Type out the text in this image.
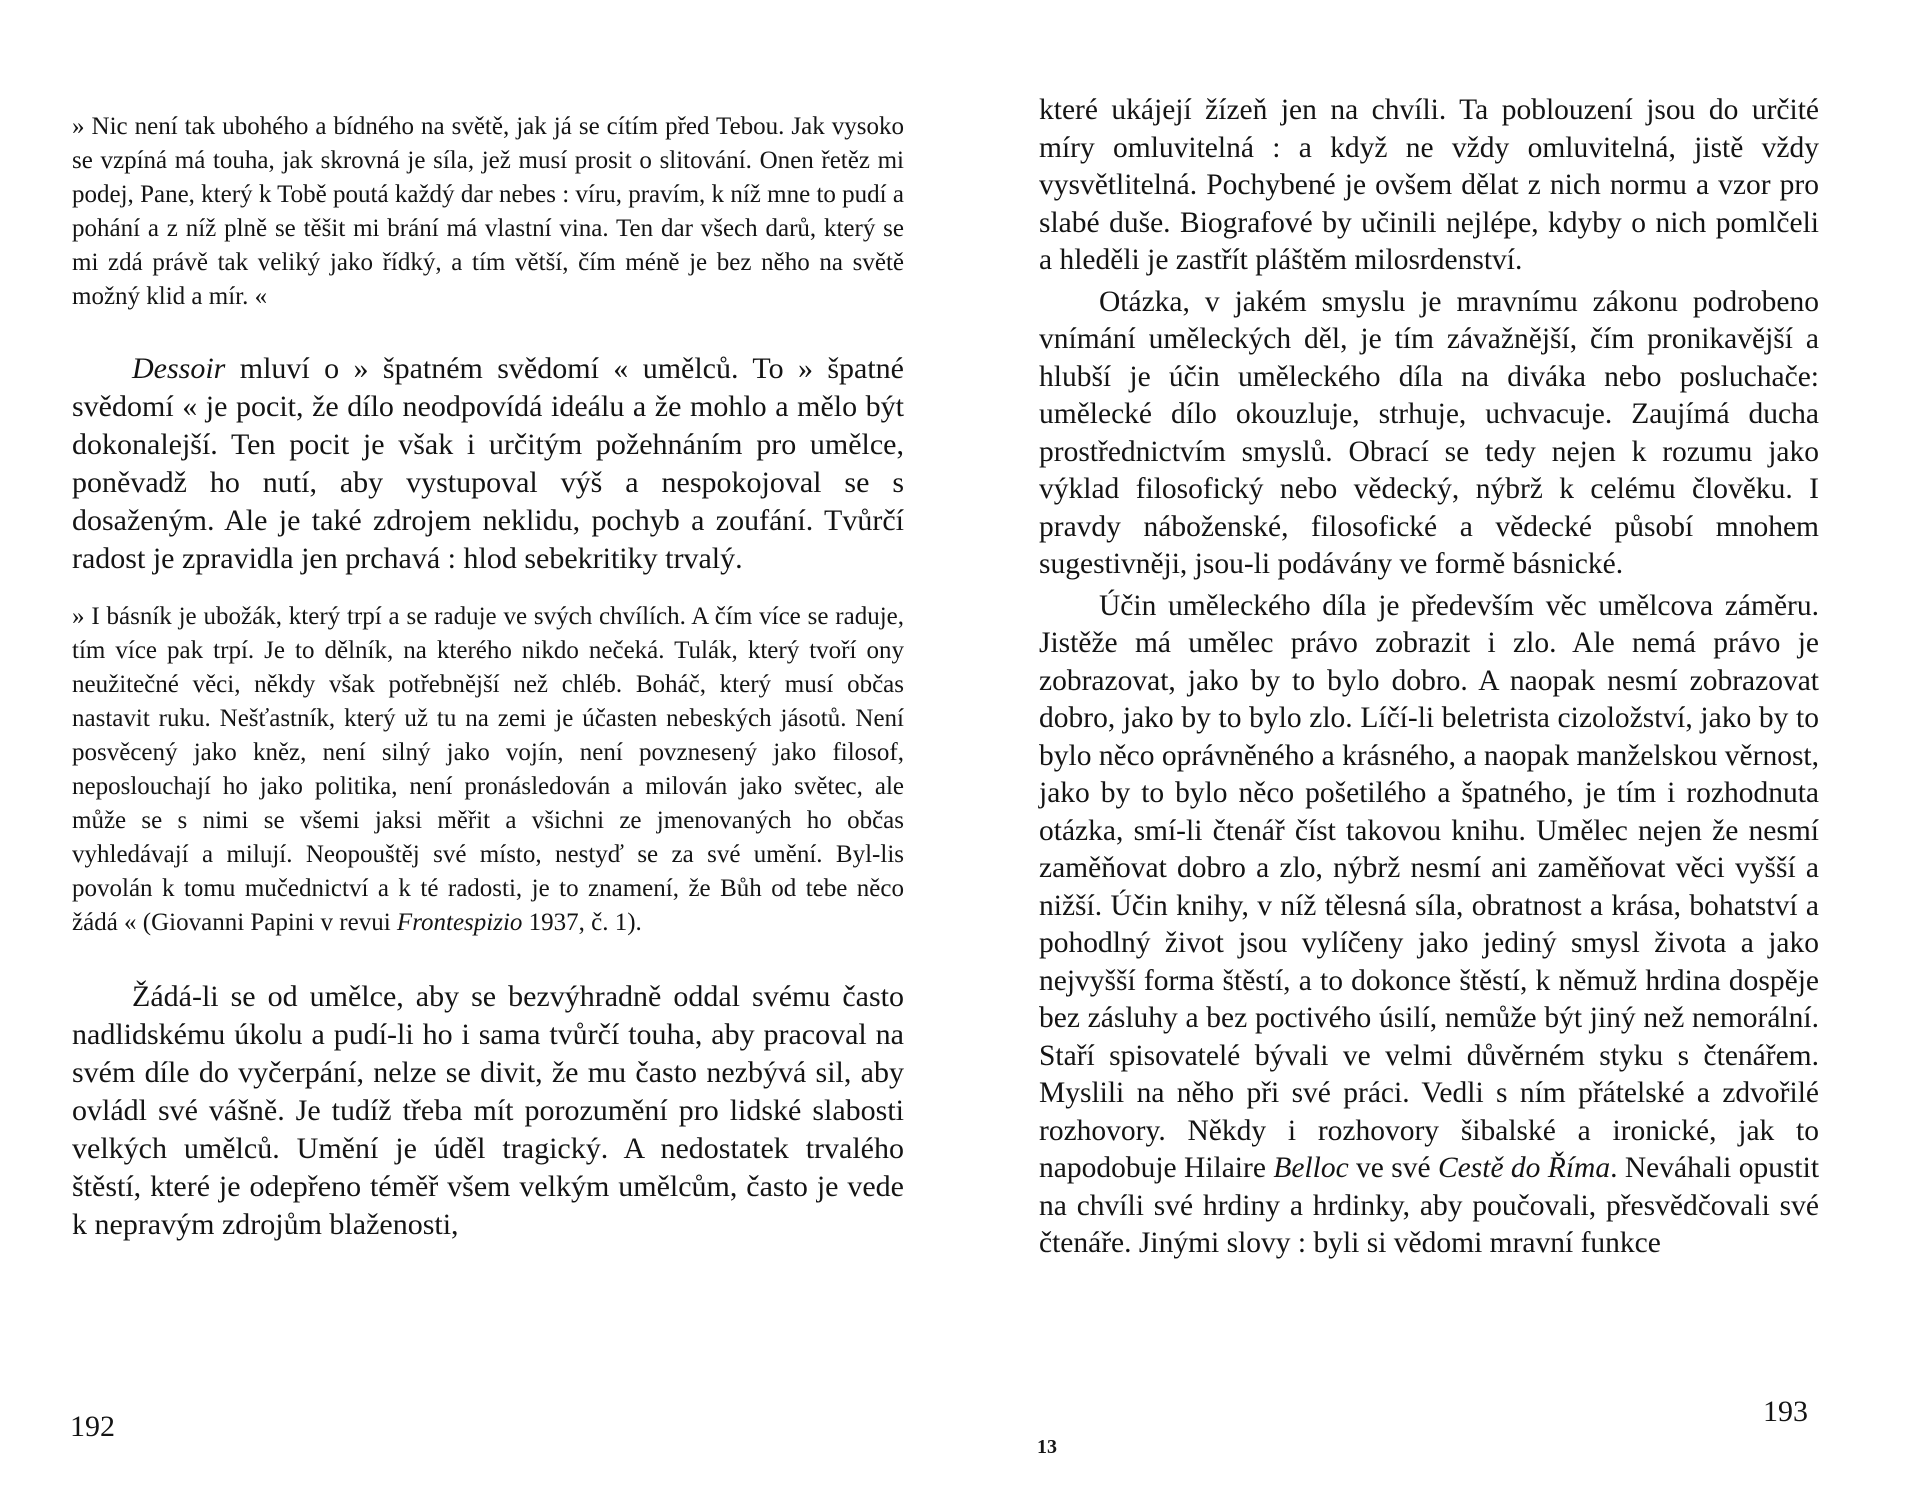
» Nic není tak ubohého a bídného na světě, jak já se cítím před Tebou. Jak vysoko se vzpíná má touha, jak skrovná je síla, jež musí prosit o slitování. Onen řetěz mi podej, Pane, který k Tobě poutá každý dar nebes : víru, pravím, k níž mne to pudí a pohání a z níž plně se těšit mi brání má vlastní vina. Ten dar všech darů, který se mi zdá právě tak veliký jako řídký, a tím větší, čím méně je bez něho na světě možný klid a mír. «

Dessoir mluví o » špatném svědomí « umělců. To » špatné svědomí « je pocit, že dílo neodpovídá ideálu a že mohlo a mělo být dokonalejší. Ten pocit je však i určitým požehnáním pro umělce, poněvadž ho nutí, aby vystupoval výš a nespokojoval se s dosaženým. Ale je také zdrojem neklidu, pochyb a zoufání. Tvůrčí radost je zpravidla jen prchavá : hlod sebekritiky trvalý.

» I básník je ubožák, který trpí a se raduje ve svých chvílích. A čím více se raduje, tím více pak trpí. Je to dělník, na kterého nikdo nečeká. Tulák, který tvoří ony neužitečné věci, někdy však potřebnější než chléb. Boháč, který musí občas nastavit ruku. Nešťastník, který už tu na zemi je účasten nebeských jásotů. Není posvěcený jako kněz, není silný jako vojín, není povznesený jako filosof, neposlouchají ho jako politika, není pronásledován a milován jako světec, ale může se s nimi se všemi jaksi měřit a všichni ze jmenovaných ho občas vyhledávají a milují. Neopouštěj své místo, nestyď se za své umění. Byl-lis povolán k tomu mučednictví a k té radosti, je to znamení, že Bůh od tebe něco žádá « (Giovanni Papini v revui Frontespizio 1937, č. 1).

Žádá-li se od umělce, aby se bezvýhradně oddal svému často nadlidskému úkolu a pudí-li ho i sama tvůrčí touha, aby pracoval na svém díle do vyčerpání, nelze se divit, že mu často nezbývá sil, aby ovládl své vášně. Je tudíž třeba mít porozumění pro lidské slabosti velkých umělců. Umění je úděl tragický. A nedostatek trvalého štěstí, které je odepřeno téměř všem velkým umělcům, často je vede k nepravým zdrojům blaženosti,

192

které ukájejí žízeň jen na chvíli. Ta poblouzení jsou do určité míry omluvitelná : a když ne vždy omluvitelná, jistě vždy vysvětlitelná. Pochybené je ovšem dělat z nich normu a vzor pro slabé duše. Biografové by učinili nejlépe, kdyby o nich pomlčeli a hleděli je zastřít pláštěm milosrdenství.

Otázka, v jakém smyslu je mravnímu zákonu podrobeno vnímání uměleckých děl, je tím závažnější, čím pronikavější a hlubší je účin uměleckého díla na diváka nebo posluchače: umělecké dílo okouzluje, strhuje, uchvacuje. Zaujímá ducha prostřednictvím smyslů. Obrací se tedy nejen k rozumu jako výklad filosofický nebo vědecký, nýbrž k celému člověku. I pravdy náboženské, filosofické a vědecké působí mnohem sugestivněji, jsou-li podávány ve formě básnické.

Účin uměleckého díla je především věc umělcova záměru. Jistěže má umělec právo zobrazit i zlo. Ale nemá právo je zobrazovat, jako by to bylo dobro. A naopak nesmí zobrazovat dobro, jako by to bylo zlo. Líčí-li beletrista cizoložství, jako by to bylo něco oprávněného a krásného, a naopak manželskou věrnost, jako by to bylo něco pošetilého a špatného, je tím i rozhodnuta otázka, smí-li čtenář číst takovou knihu. Umělec nejen že nesmí zaměňovat dobro a zlo, nýbrž nesmí ani zaměňovat věci vyšší a nižší. Účin knihy, v níž tělesná síla, obratnost a krása, bohatství a pohodlný život jsou vylíčeny jako jediný smysl života a jako nejvyšší forma štěstí, a to dokonce štěstí, k němuž hrdina dospěje bez zásluhy a bez poctivého úsilí, nemůže být jiný než nemorální. Staří spisovatelé bývali ve velmi důvěrném styku s čtenářem. Myslili na něho při své práci. Vedli s ním přátelské a zdvořilé rozhovory. Někdy i rozhovory šibalské a ironické, jak to napodobuje Hilaire Belloc ve své Cestě do Říma. Neváhali opustit na chvíli své hrdiny a hrdinky, aby poučovali, přesvědčovali své čtenáře. Jinými slovy : byli si vědomi mravní funkce

13
193
